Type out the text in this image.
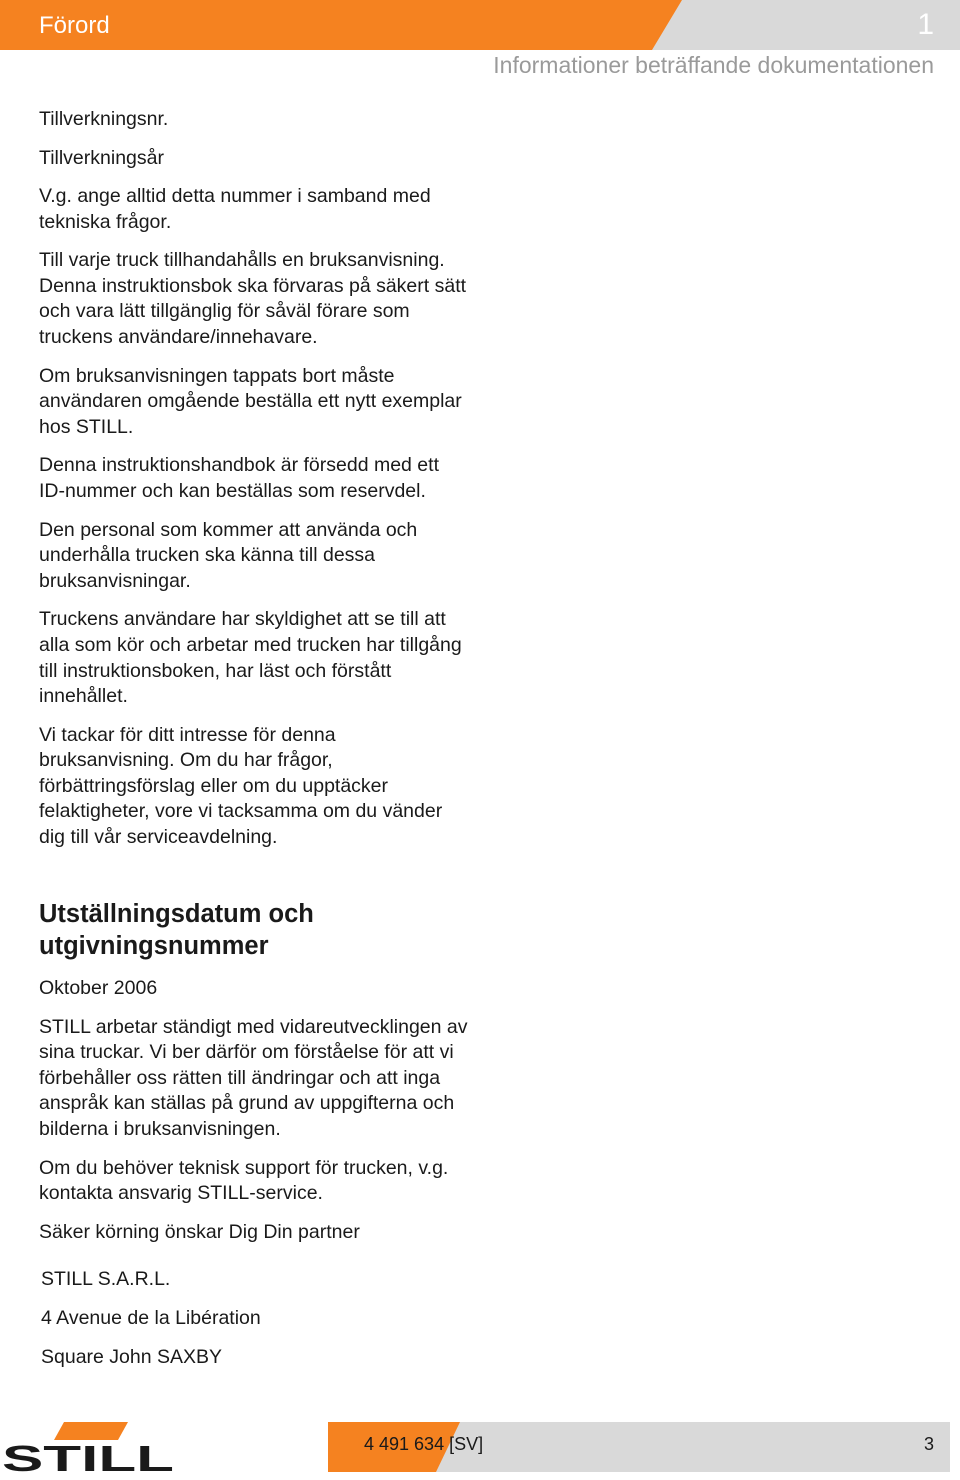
Förord	1
Informationer beträffande dokumentationen

Tillverkningsnr.

Tillverkningsår

V.g. ange alltid detta nummer i samband med tekniska frågor.

Till varje truck tillhandahålls en bruksanvisning. Denna instruktionsbok ska förvaras på säkert sätt och vara lätt tillgänglig för såväl förare som truckens användare/innehavare.

Om bruksanvisningen tappats bort måste användaren omgående beställa ett nytt exemplar hos STILL.

Denna instruktionshandbok är försedd med ett ID-nummer och kan beställas som reservdel.

Den personal som kommer att använda och underhålla trucken ska känna till dessa bruksanvisningar.

Truckens användare har skyldighet att se till att alla som kör och arbetar med trucken har tillgång till instruktionsboken, har läst och förstått innehållet.

Vi tackar för ditt intresse för denna bruksanvisning. Om du har frågor, förbättringsförslag eller om du upptäcker felaktigheter, vore vi tacksamma om du vänder dig till vår serviceavdelning.

Utställningsdatum och utgivningsnummer

Oktober 2006

STILL arbetar ständigt med vidareutvecklingen av sina truckar. Vi ber därför om förståelse för att vi förbehåller oss rätten till ändringar och att inga anspråk kan ställas på grund av uppgifterna och bilderna i bruksanvisningen.

Om du behöver teknisk support för trucken, v.g. kontakta ansvarig STILL-service.

Säker körning önskar Dig Din partner

STILL S.A.R.L.

4 Avenue de la Libération

Square John SAXBY

STILL	4 491 634 [SV]	3
